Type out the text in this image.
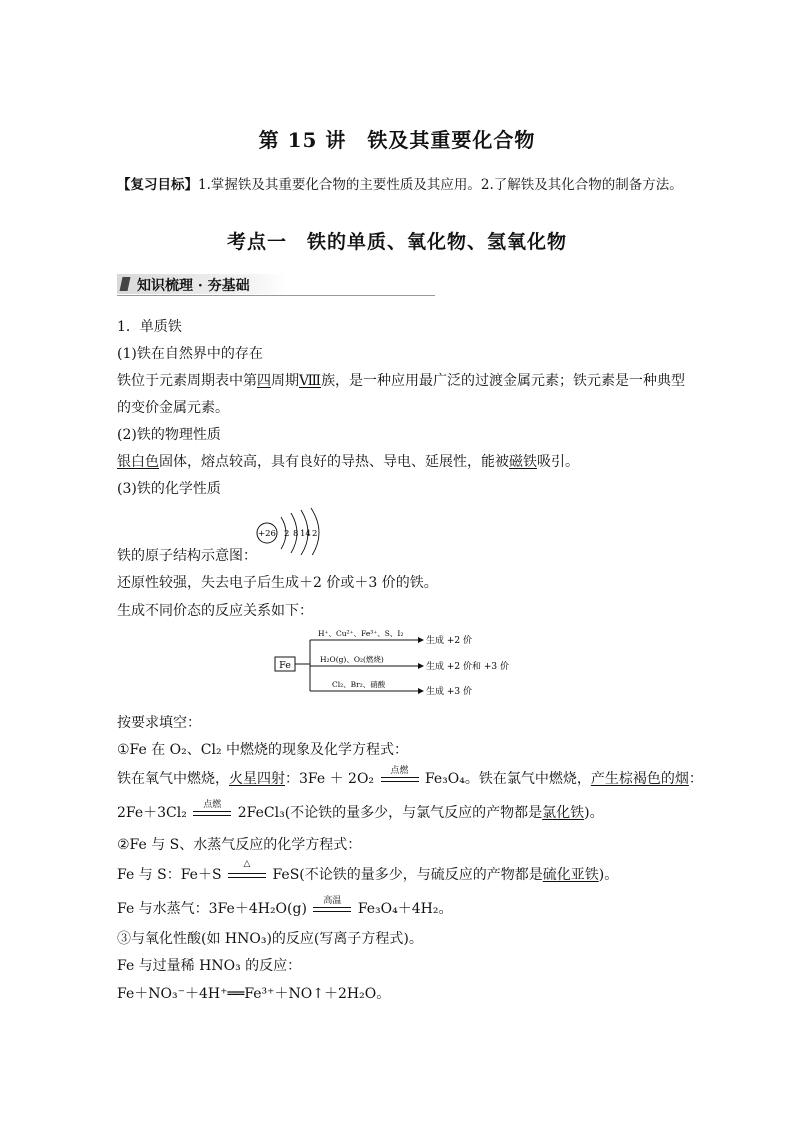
第 15 讲　铁及其重要化合物
【复习目标】1.掌握铁及其重要化合物的主要性质及其应用。2.了解铁及其化合物的制备方法。
考点一　铁的单质、氧化物、氢氧化物
知识梳理 · 夯基础
1．单质铁
(1)铁在自然界中的存在
铁位于元素周期表中第四周期Ⅷ族，是一种应用最广泛的过渡金属元素；铁元素是一种典型
的变价金属元素。
(2)铁的物理性质
银白色固体，熔点较高，具有良好的导热、导电、延展性，能被磁铁吸引。
(3)铁的化学性质
铁的原子结构示意图：
+26 2 8 14 2
还原性较强，失去电子后生成＋2 价或＋3 价的铁。
生成不同价态的反应关系如下：
Fe
H⁺、Cu²⁺、Fe³⁺、S、I₂
H₂O(g)、O₂(燃烧)
Cl₂、Br₂、硝酸
生成 +2 价
生成 +2 价和 +3 价
生成 +3 价
按要求填空：
①Fe 在 O₂、Cl₂ 中燃烧的现象及化学方程式：
铁在氧气中燃烧，火星四射：3Fe ＋ 2O₂	点燃	Fe₃O₄。铁在氯气中燃烧，产生棕褐色的烟：
2Fe＋3Cl₂	点燃	2FeCl₃(不论铁的量多少，与氯气反应的产物都是氯化铁)。
②Fe 与 S、水蒸气反应的化学方程式：
Fe 与 S：Fe＋S
△
FeS(不论铁的量多少，与硫反应的产物都是硫化亚铁)。
Fe 与水蒸气：3Fe＋4H₂O(g)	高温	Fe₃O₄＋4H₂。
③与氧化性酸(如 HNO₃)的反应(写离子方程式)。
Fe 与过量稀 HNO₃ 的反应：
Fe＋NO₃⁻＋4H⁺══Fe³⁺＋NO↑＋2H₂O。
